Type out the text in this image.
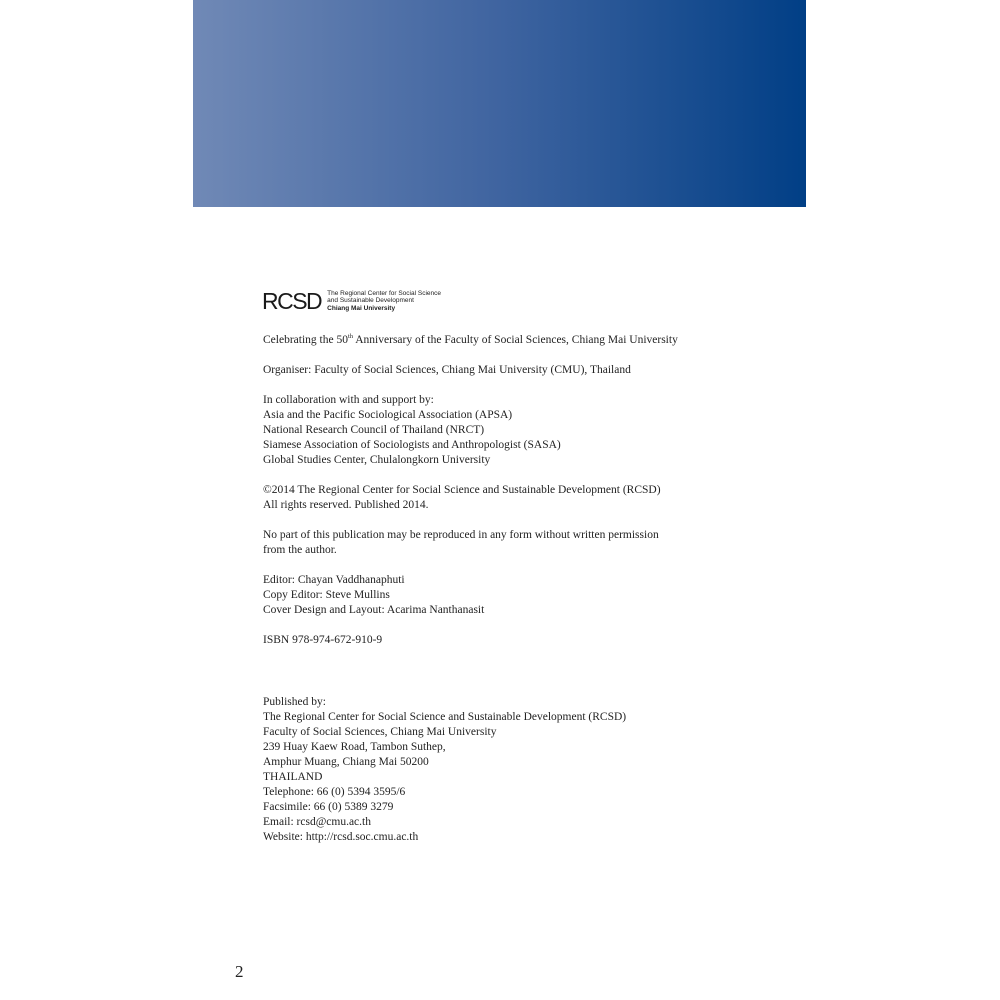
RCSD The Regional Center for Social Science
and Sustainable Development
Chiang Mai University

Celebrating the 50th Anniversary of the Faculty of Social Sciences, Chiang Mai University

Organiser: Faculty of Social Sciences, Chiang Mai University (CMU), Thailand

In collaboration with and support by:

Asia and the Pacific Sociological Association (APSA)

National Research Council of Thailand (NRCT)

Siamese Association of Sociologists and Anthropologist (SASA)

Global Studies Center, Chulalongkorn University

©2014 The Regional Center for Social Science and Sustainable Development (RCSD)

All rights reserved. Published 2014.

No part of this publication may be reproduced in any form without written permission

from the author.

Editor: Chayan Vaddhanaphuti

Copy Editor: Steve Mullins

Cover Design and Layout: Acarima Nanthanasit

ISBN 978-974-672-910-9

Published by:

The Regional Center for Social Science and Sustainable Development (RCSD)

Faculty of Social Sciences, Chiang Mai University

239 Huay Kaew Road, Tambon Suthep,

Amphur Muang, Chiang Mai 50200

THAILAND

Telephone: 66 (0) 5394 3595/6

Facsimile: 66 (0) 5389 3279

Email: rcsd@cmu.ac.th

Website: http://rcsd.soc.cmu.ac.th

2
